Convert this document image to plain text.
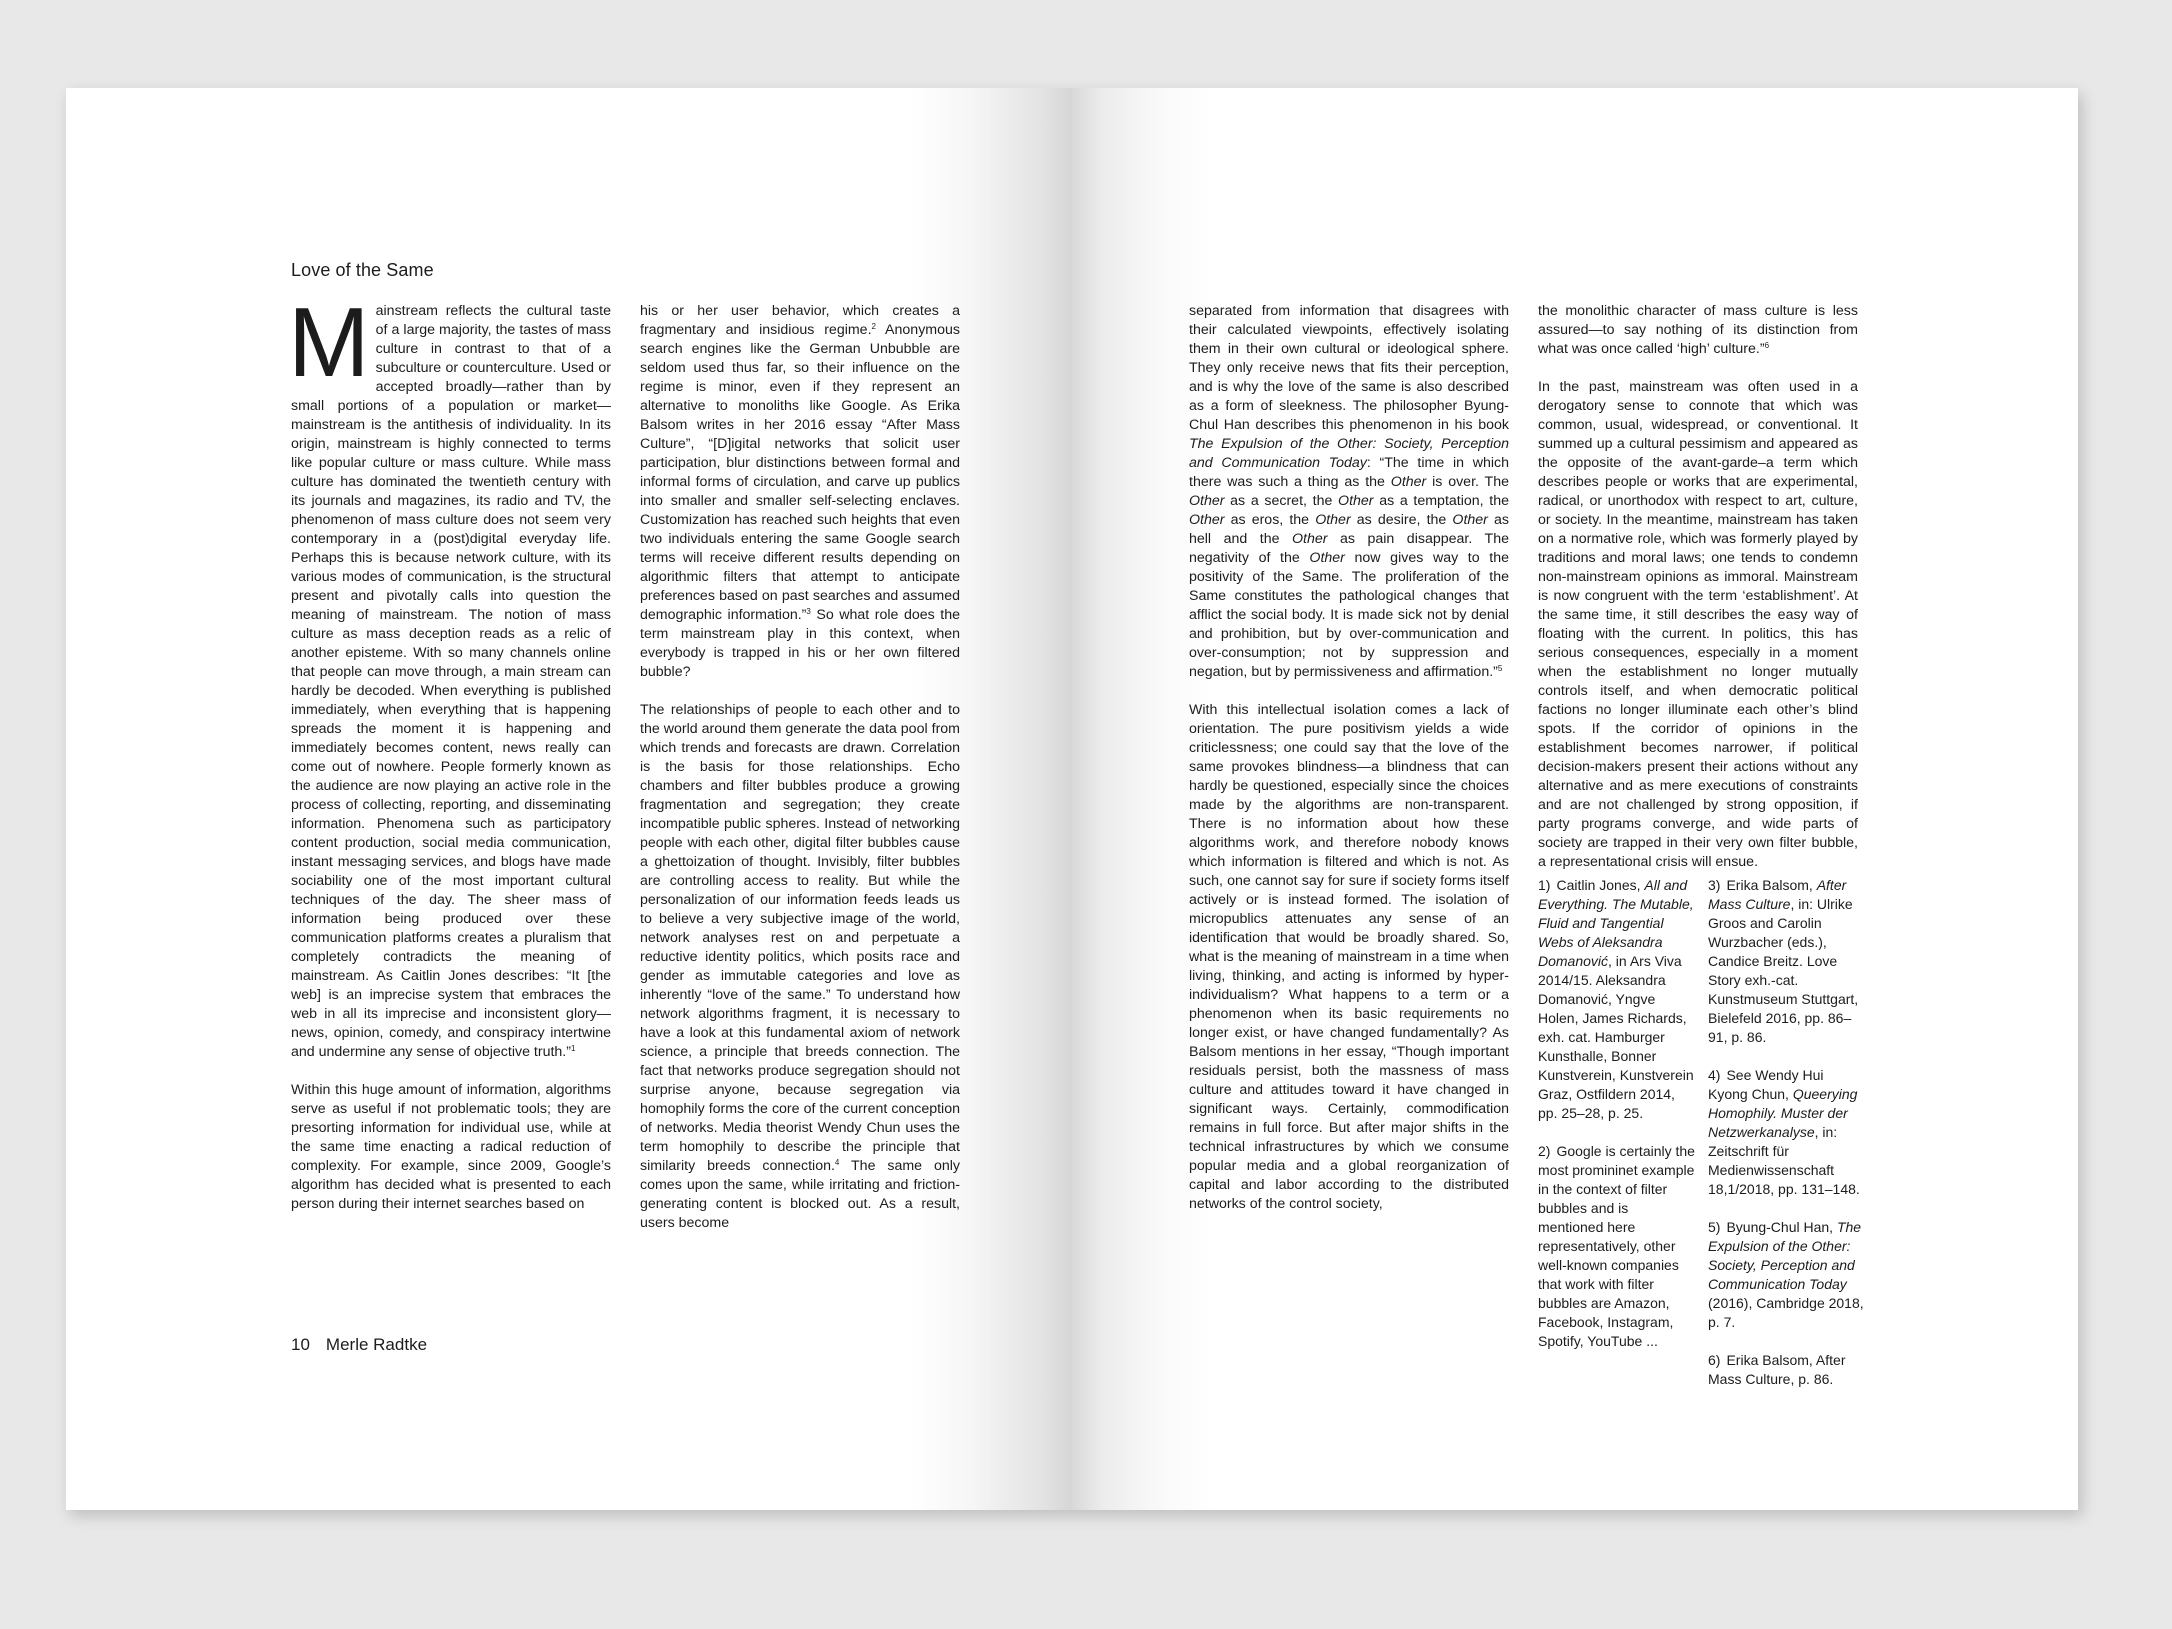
Love of the Same

Mainstream reflects the cultural taste of a large majority, the tastes of mass culture in contrast to that of a subculture or counterculture. Used or accepted broadly—rather than by small portions of a population or market—mainstream is the antithesis of individuality. In its origin, mainstream is highly connected to terms like popular culture or mass culture. While mass culture has dominated the twentieth century with its journals and magazines, its radio and TV, the phenomenon of mass culture does not seem very contemporary in a (post)digital everyday life. Perhaps this is because network culture, with its various modes of communication, is the structural present and pivotally calls into question the meaning of mainstream. The notion of mass culture as mass deception reads as a relic of another episteme. With so many channels online that people can move through, a main stream can hardly be decoded. When everything is published immediately, when everything that is happening spreads the moment it is happening and immediately becomes content, news really can come out of nowhere. People formerly known as the audience are now playing an active role in the process of collecting, reporting, and disseminating information. Phenomena such as participatory content production, social media communication, instant messaging services, and blogs have made sociability one of the most important cultural techniques of the day. The sheer mass of information being produced over these communication platforms creates a pluralism that completely contradicts the meaning of mainstream. As Caitlin Jones describes: “It [the web] is an imprecise system that embraces the web in all its imprecise and inconsistent glory—news, opinion, comedy, and conspiracy intertwine and undermine any sense of objective truth.”$^1$

Within this huge amount of information, algorithms serve as useful if not problematic tools; they are presorting information for individual use, while at the same time enacting a radical reduction of complexity. For example, since 2009, Google’s algorithm has decided what is presented to each person during their internet searches based on

his or her user behavior, which creates a fragmentary and insidious regime.$^2$ Anonymous search engines like the German Unbubble are seldom used thus far, so their influence on the regime is minor, even if they represent an alternative to monoliths like Google. As Erika Balsom writes in her 2016 essay “After Mass Culture”, “[D]igital networks that solicit user participation, blur distinctions between formal and informal forms of circulation, and carve up publics into smaller and smaller self-selecting enclaves. Customization has reached such heights that even two individuals entering the same Google search terms will receive different results depending on algorithmic filters that attempt to anticipate preferences based on past searches and assumed demographic information.”$^3$ So what role does the term mainstream play in this context, when everybody is trapped in his or her own filtered bubble?

The relationships of people to each other and to the world around them generate the data pool from which trends and forecasts are drawn. Correlation is the basis for those relationships. Echo chambers and filter bubbles produce a growing fragmentation and segregation; they create incompatible public spheres. Instead of networking people with each other, digital filter bubbles cause a ghettoization of thought. Invisibly, filter bubbles are controlling access to reality. But while the personalization of our information feeds leads us to believe a very subjective image of the world, network analyses rest on and perpetuate a reductive identity politics, which posits race and gender as immutable categories and love as inherently “love of the same.” To understand how network algorithms fragment, it is necessary to have a look at this fundamental axiom of network science, a principle that breeds connection. The fact that networks produce segregation should not surprise anyone, because segregation via homophily forms the core of the current conception of networks. Media theorist Wendy Chun uses the term homophily to describe the principle that similarity breeds connection.$^4$ The same only comes upon the same, while irritating and friction-generating content is blocked out. As a result, users become

10 Merle Radtke

separated from information that disagrees with their calculated viewpoints, effectively isolating them in their own cultural or ideological sphere. They only receive news that fits their perception, and is why the love of the same is also described as a form of sleekness. The philosopher Byung-Chul Han describes this phenomenon in his book The Expulsion of the Other: Society, Perception and Communication Today: “The time in which there was such a thing as the Other is over. The Other as a secret, the Other as a temptation, the Other as eros, the Other as desire, the Other as hell and the Other as pain disappear. The negativity of the Other now gives way to the positivity of the Same. The proliferation of the Same constitutes the pathological changes that afflict the social body. It is made sick not by denial and prohibition, but by over-communication and over-consumption; not by suppression and negation, but by permissiveness and affirmation.”$^5$

With this intellectual isolation comes a lack of orientation. The pure positivism yields a wide criticlessness; one could say that the love of the same provokes blindness—a blindness that can hardly be questioned, especially since the choices made by the algorithms are non-transparent. There is no information about how these algorithms work, and therefore nobody knows which information is filtered and which is not. As such, one cannot say for sure if society forms itself actively or is instead formed. The isolation of micropublics attenuates any sense of an identification that would be broadly shared. So, what is the meaning of mainstream in a time when living, thinking, and acting is informed by hyper-individualism? What happens to a term or a phenomenon when its basic requirements no longer exist, or have changed fundamentally? As Balsom mentions in her essay, “Though important residuals persist, both the massness of mass culture and attitudes toward it have changed in significant ways. Certainly, commodification remains in full force. But after major shifts in the technical infrastructures by which we consume popular media and a global reorganization of capital and labor according to the distributed networks of the control society,

the monolithic character of mass culture is less assured—to say nothing of its distinction from what was once called ‘high’ culture.”$^6$

In the past, mainstream was often used in a derogatory sense to connote that which was common, usual, widespread, or conventional. It summed up a cultural pessimism and appeared as the opposite of the avant-garde–a term which describes people or works that are experimental, radical, or unorthodox with respect to art, culture, or society. In the meantime, mainstream has taken on a normative role, which was formerly played by traditions and moral laws; one tends to condemn non-mainstream opinions as immoral. Mainstream is now congruent with the term ‘establishment’. At the same time, it still describes the easy way of floating with the current. In politics, this has serious consequences, especially in a moment when the establishment no longer mutually controls itself, and when democratic political factions no longer illuminate each other’s blind spots. If the corridor of opinions in the establishment becomes narrower, if political decision-makers present their actions without any alternative and as mere executions of constraints and are not challenged by strong opposition, if party programs converge, and wide parts of society are trapped in their very own filter bubble, a representational crisis will ensue.

1) Caitlin Jones, All and Everything. The Mutable, Fluid and Tangential Webs of Aleksandra Domanović, in Ars Viva 2014/15. Aleksandra Domanović, Yngve Holen, James Richards, exh. cat. Hamburger Kunsthalle, Bonner Kunstverein, Kunstverein Graz, Ostfildern 2014, pp. 25–28, p. 25.

2) Google is certainly the most promininet example in the context of filter bubbles and is mentioned here representatively, other well-known companies that work with filter bubbles are Amazon, Facebook, Instagram, Spotify, YouTube ...

3) Erika Balsom, After Mass Culture, in: Ulrike Groos and Carolin Wurzbacher (eds.), Candice Breitz. Love Story exh.-cat. Kunstmuseum Stuttgart, Bielefeld 2016, pp. 86–91, p. 86.

4) See Wendy Hui Kyong Chun, Queerying Homophily. Muster der Netzwerkanalyse, in: Zeitschrift für Medienwissenschaft 18,1/2018, pp. 131–148.

5) Byung-Chul Han, The Expulsion of the Other: Society, Perception and Communication Today (2016), Cambridge 2018, p. 7.

6) Erika Balsom, After Mass Culture, p. 86.
